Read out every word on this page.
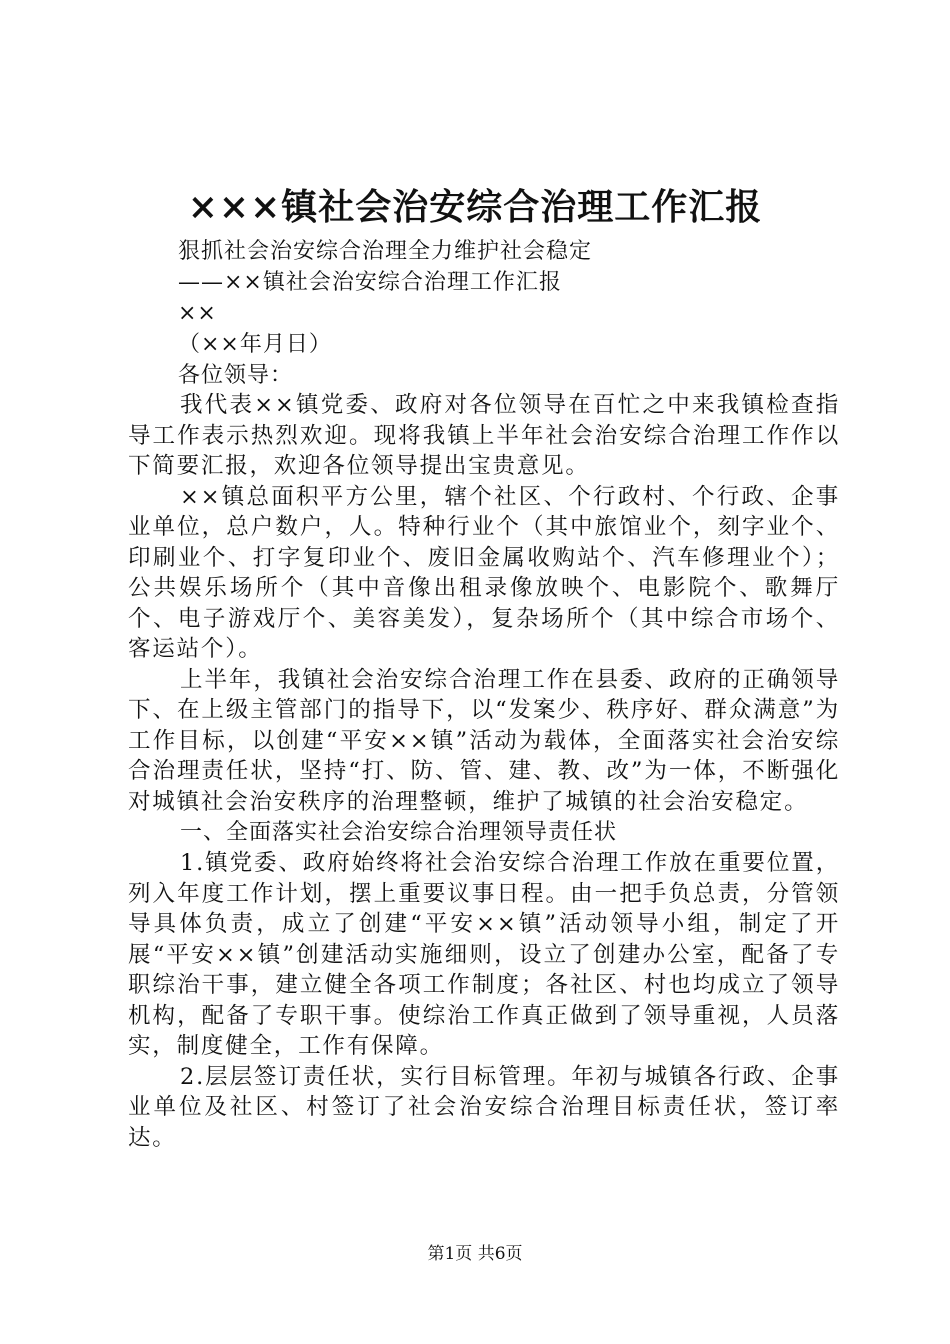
×××镇社会治安综合治理工作汇报
狠抓社会治安综合治理全力维护社会稳定
——××镇社会治安综合治理工作汇报
××
（××年月日）
各位领导：

我代表××镇党委、政府对各位领导在百忙之中来我镇检查指导工作表示热烈欢迎。现将我镇上半年社会治安综合治理工作作以下简要汇报，欢迎各位领导提出宝贵意见。

××镇总面积平方公里，辖个社区、个行政村、个行政、企事业单位，总户数户，人。特种行业个（其中旅馆业个，刻字业个、印刷业个、打字复印业个、废旧金属收购站个、汽车修理业个）；公共娱乐场所个（其中音像出租录像放映个、电影院个、歌舞厅个、电子游戏厅个、美容美发），复杂场所个（其中综合市场个、客运站个）。

上半年，我镇社会治安综合治理工作在县委、政府的正确领导下、在上级主管部门的指导下，以“发案少、秩序好、群众满意”为工作目标，以创建“平安××镇”活动为载体，全面落实社会治安综合治理责任状，坚持“打、防、管、建、教、改”为一体，不断强化对城镇社会治安秩序的治理整顿，维护了城镇的社会治安稳定。

一、全面落实社会治安综合治理领导责任状

1.镇党委、政府始终将社会治安综合治理工作放在重要位置，列入年度工作计划，摆上重要议事日程。由一把手负总责，分管领导具体负责，成立了创建“平安××镇”活动领导小组，制定了开展“平安××镇”创建活动实施细则，设立了创建办公室，配备了专职综治干事，建立健全各项工作制度；各社区、村也均成立了领导机构，配备了专职干事。使综治工作真正做到了领导重视，人员落实，制度健全，工作有保障。

2.层层签订责任状，实行目标管理。年初与城镇各行政、企事业单位及社区、村签订了社会治安综合治理目标责任状，签订率达。

第1页 共6页
